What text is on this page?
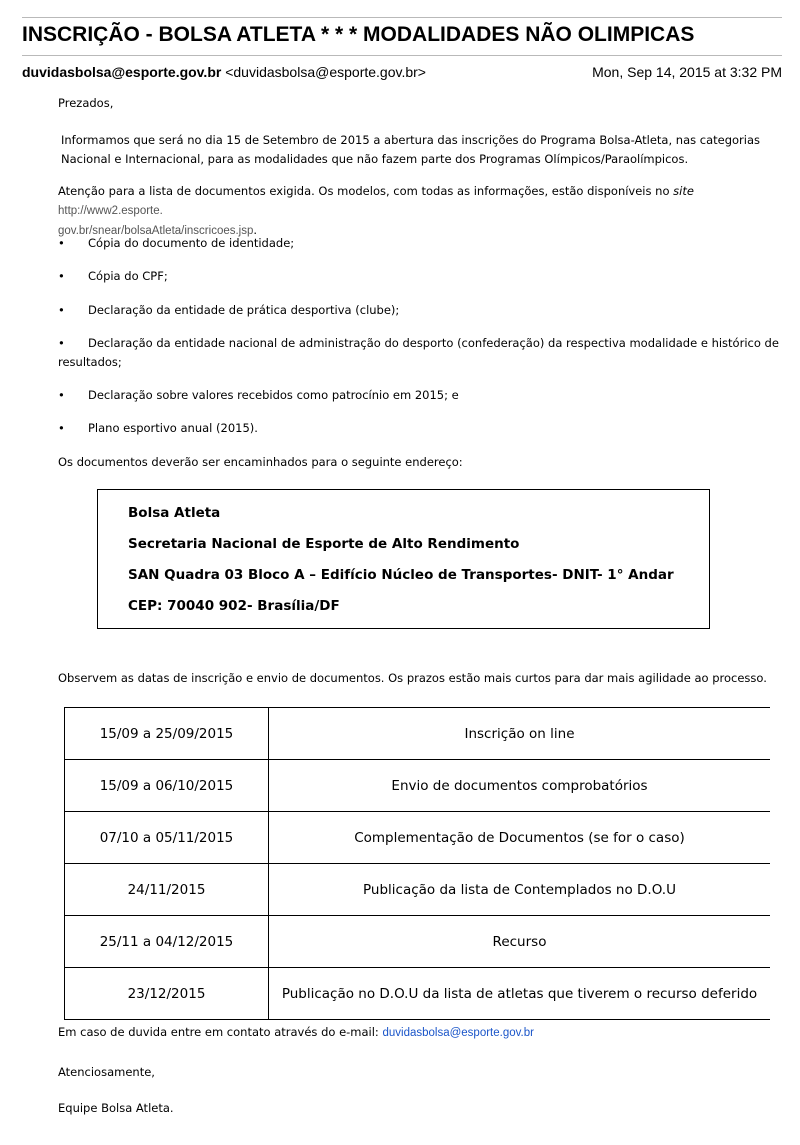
INSCRIÇÃO - BOLSA ATLETA * * * MODALIDADES NÃO OLIMPICAS
duvidasbolsa@esporte.gov.br <duvidasbolsa@esporte.gov.br>	Mon, Sep 14, 2015 at 3:32 PM
Prezados,
Informamos que será no dia 15 de Setembro de 2015 a abertura das inscrições do Programa Bolsa-Atleta, nas categorias Nacional e Internacional, para as modalidades que não fazem parte dos Programas Olímpicos/Paraolímpicos.
Atenção para a lista de documentos exigida. Os modelos, com todas as informações, estão disponíveis no site http://www2.esporte.
gov.br/snear/bolsaAtleta/inscricoes.jsp.
•	Cópia do documento de identidade;
•	Cópia do CPF;
•	Declaração da entidade de prática desportiva (clube);
•	Declaração da entidade nacional de administração do desporto (confederação) da respectiva modalidade e histórico de resultados;
•	Declaração sobre valores recebidos como patrocínio em 2015; e
•	Plano esportivo anual (2015).
Os documentos deverão ser encaminhados para o seguinte endereço:
Bolsa Atleta
Secretaria Nacional de Esporte de Alto Rendimento
SAN Quadra 03 Bloco A – Edifício Núcleo de Transportes- DNIT- 1° Andar
CEP: 70040 902- Brasília/DF
Observem as datas de inscrição e envio de documentos. Os prazos estão mais curtos para dar mais agilidade ao processo.
15/09 a 25/09/2015	Inscrição on line
15/09 a 06/10/2015	Envio de documentos comprobatórios
07/10 a 05/11/2015	Complementação de Documentos (se for o caso)
24/11/2015	Publicação da lista de Contemplados no D.O.U
25/11 a 04/12/2015	Recurso
23/12/2015	Publicação no D.O.U da lista de atletas que tiverem o recurso deferido
Em caso de duvida entre em contato através do e-mail: duvidasbolsa@esporte.gov.br
Atenciosamente,
Equipe Bolsa Atleta.
